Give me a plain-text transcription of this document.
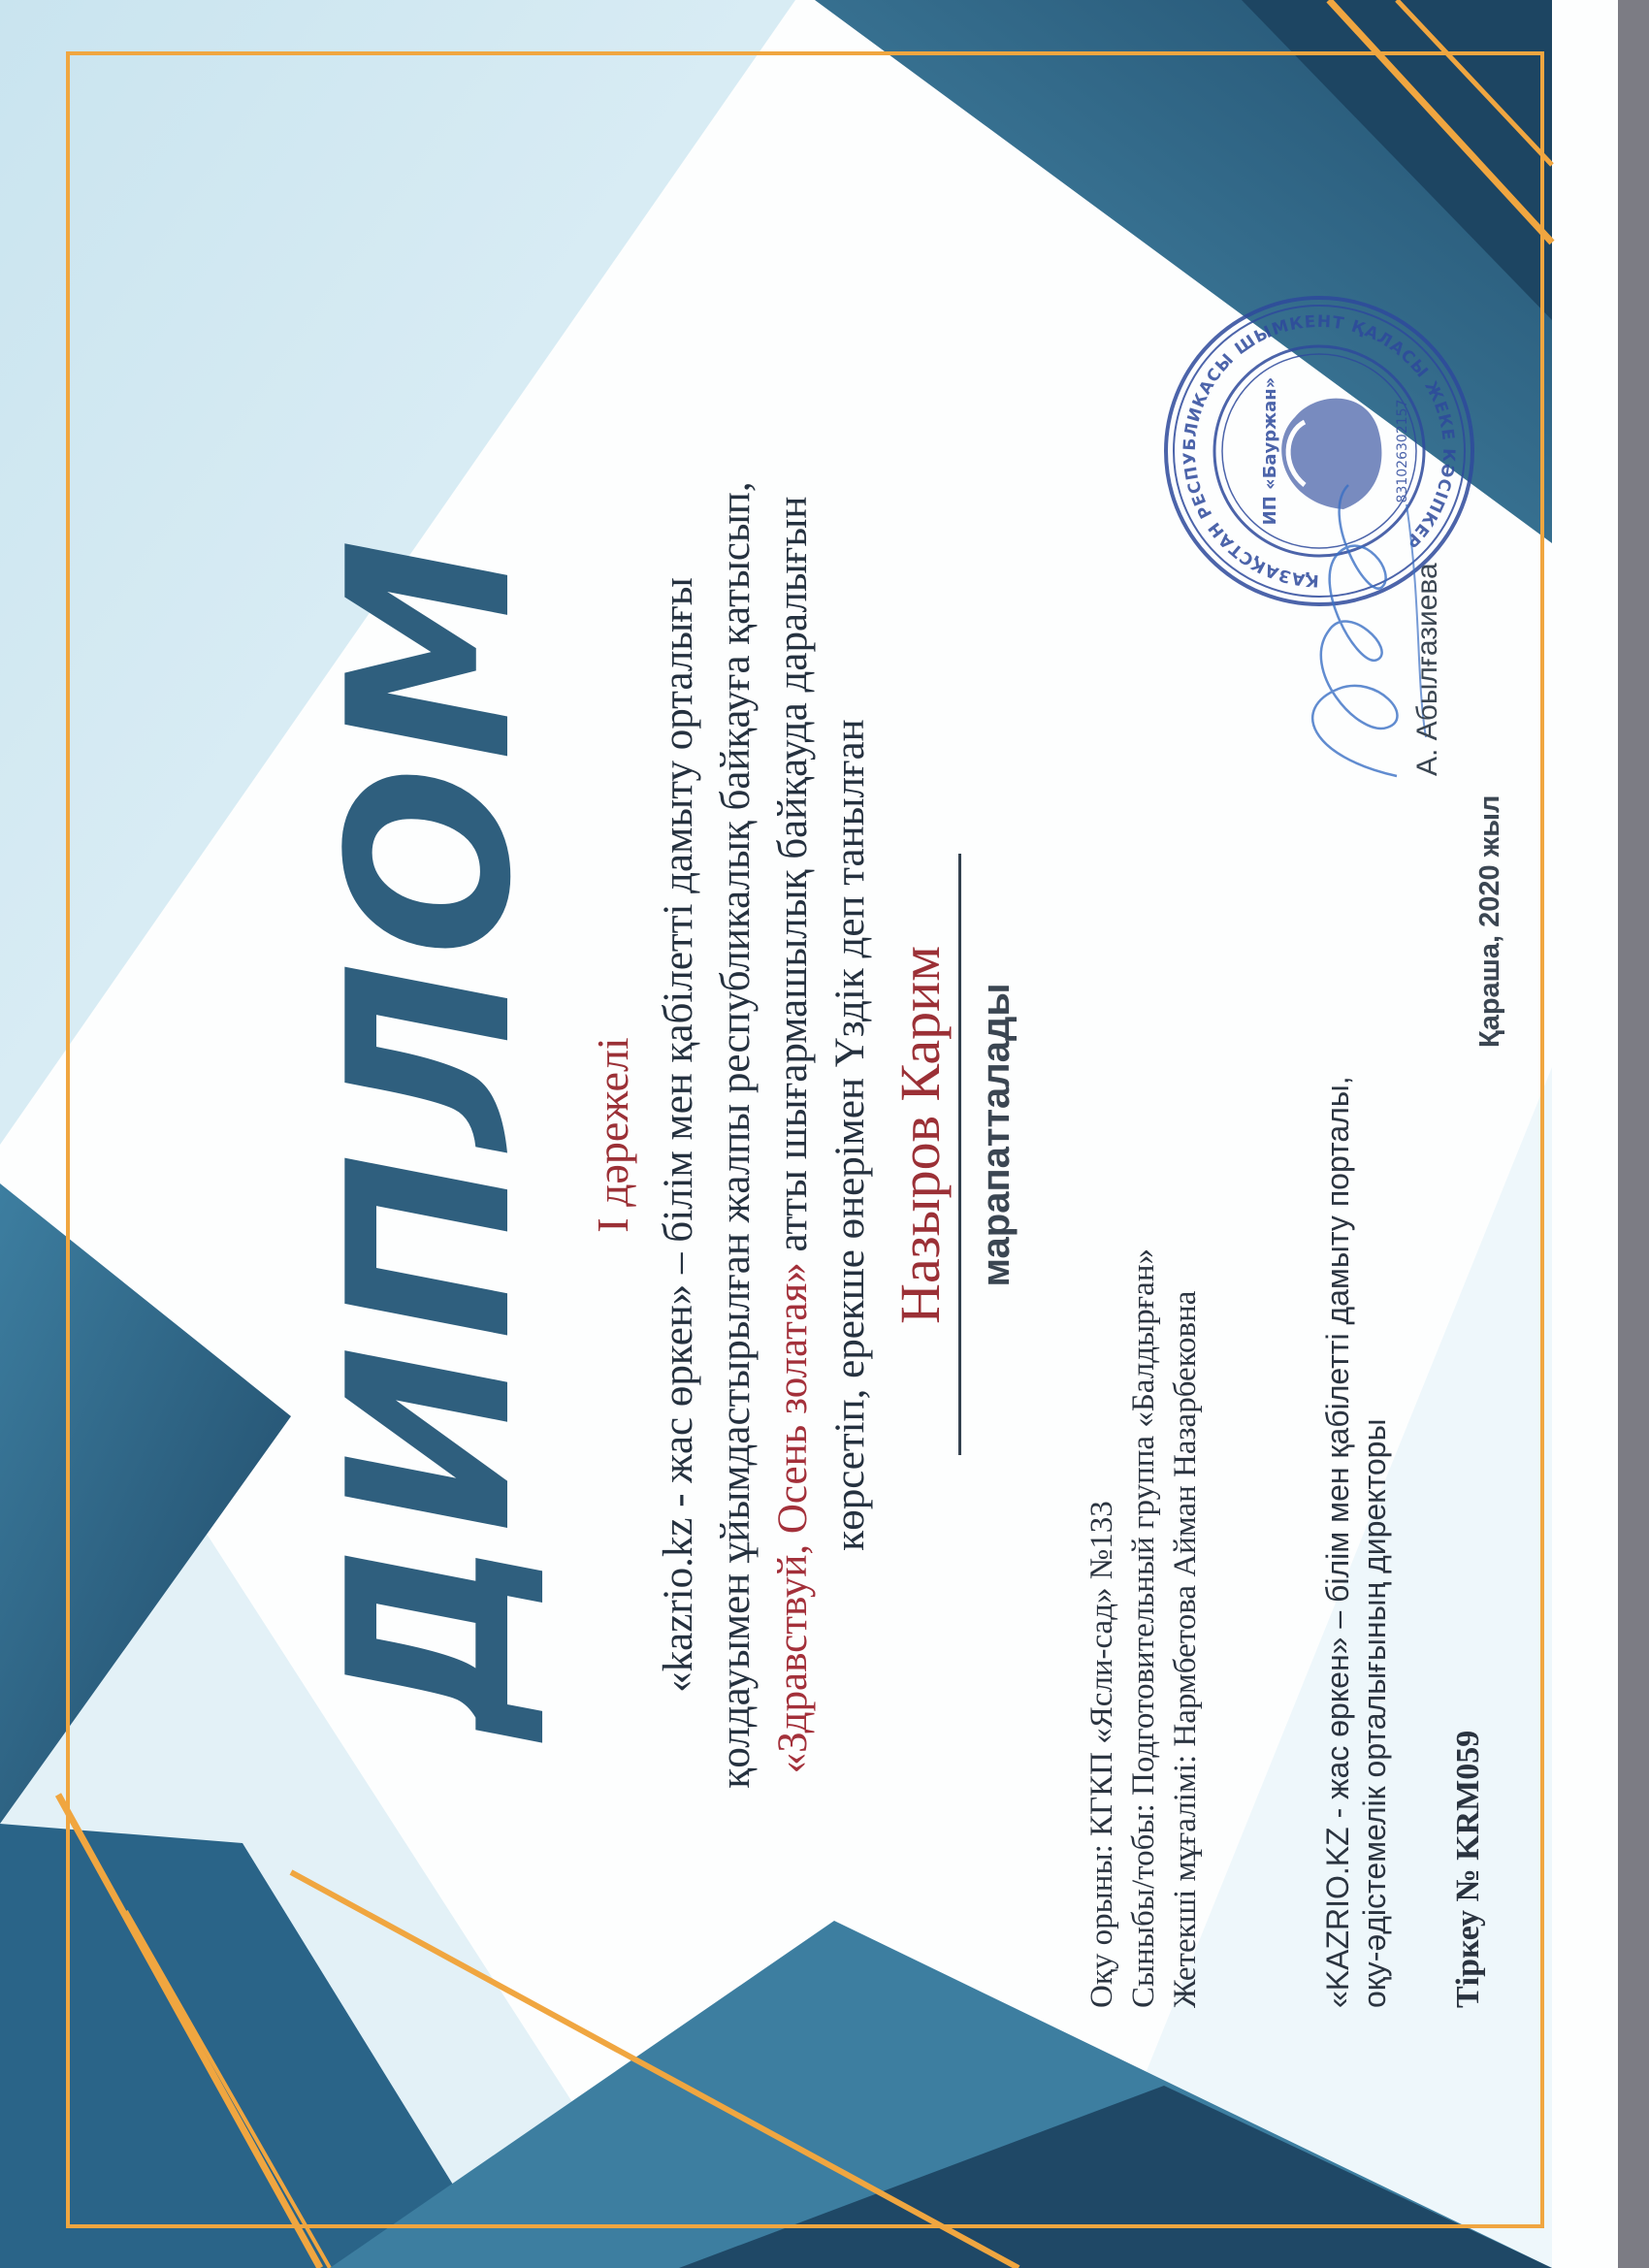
ҚАЗАҚСТАН РЕСПУБЛИКАСЫ ШЫМКЕНТ ҚАЛАСЫ ЖЕКЕ КӘСІПКЕР
ИП «Бауржан»	831026302157
ДИПЛОМ I дәрежелі «kazrio.kz - жас өркен» – білім мен қабілетті дамыту орталығы қолдауымен ұйымдастырылған жалпы республикалық байқауға қатысып, «Здравствуй, Осень золатая» атты шығармашылық байқауда даралығын көрсетіп, ерекше өнерімен Үздік деп танылған Назыров Карим марапатталады
Оқу орыны: КГКП «Ясли-сад» №133 Сыныбы/тобы: Подготовительный группа «Балдырған» Жетекші мұғалімі: Нармбетова Айман Назарбековна	«KAZRIO.KZ - жас өркен» – білім мен қабілетті дамыту порталы, оқу-әдістемелік орталығының директоры Тіркеу № KRM059
Қараша, 2020 жыл
А. Абылғазиева
